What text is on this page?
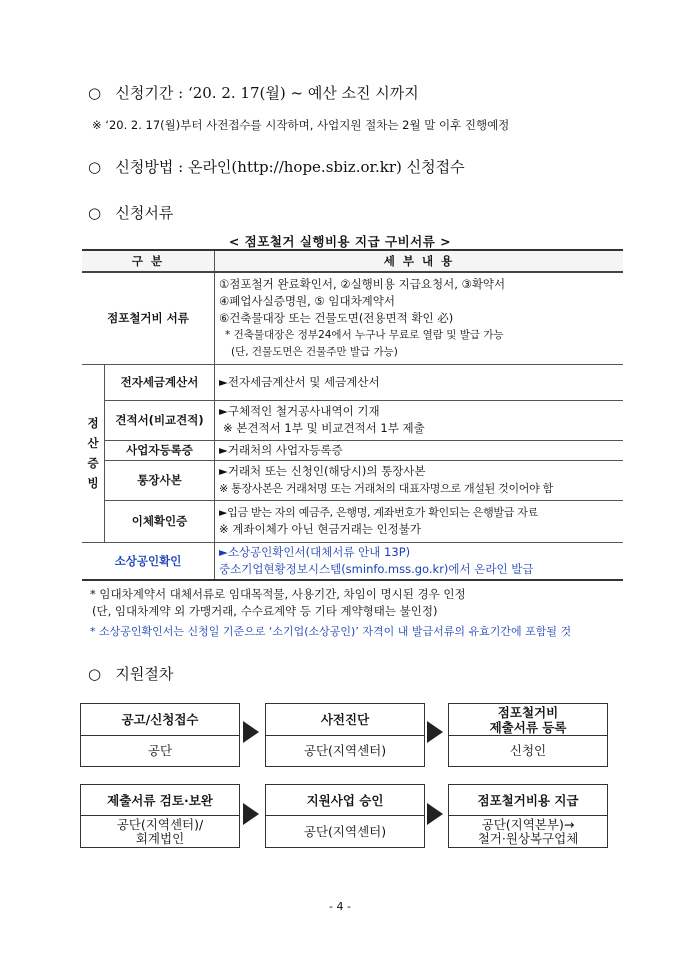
○ 신청기간 : ‘20. 2. 17(월) ~ 예산 소진 시까지
※ ‘20. 2. 17(월)부터 사전접수를 시작하며, 사업지원 절차는 2월 말 이후 진행예정
○ 신청방법 : 온라인(http://hope.sbiz.or.kr) 신청접수
○ 신청서류
< 점포철거 실행비용 지급 구비서류 >
구 분		세 부 내 용
점포철거비 서류		①점포철거 완료확인서, ②실행비용 지급요청서, ③확약서
④폐업사실증명원, ⑤ 임대차계약서
⑥건축물대장 또는 건물도면(전용면적 확인 必)
* 건축물대장은 정부24에서 누구나 무료로 열람 및 발급 가능
(단, 건물도면은 건물주만 발급 가능)

정
산
증
빙	전자세금계산서	►전자세금계산서 및 세금계산서

	견적서(비교견적)	►구체적인 철거공사내역이 기재
※ 본견적서 1부 및 비교견적서 1부 제출

	사업자등록증	►거래처의 사업자등록증

	통장사본	►거래처 또는 신청인(해당시)의 통장사본
※ 통장사본은 거래처명 또는 거래처의 대표자명으로 개설된 것이어야 함

	이체확인증	►입금 받는 자의 예금주, 은행명, 계좌번호가 확인되는 은행발급 자료
※ 계좌이체가 아닌 현금거래는 인정불가

소상공인확인		►소상공인확인서(대체서류 안내 13P)
중소기업현황정보시스템(sminfo.mss.go.kr)에서 온라인 발급
* 임대차계약서 대체서류로 임대목적물, 사용기간, 차임이 명시된 경우 인정
(단, 임대차계약 외 가맹거래, 수수료계약 등 기타 계약형태는 불인정)
* 소상공인확인서는 신청일 기준으로 ‘소기업(소상공인)’ 자격이 내 발급서류의 유효기간에 포함될 것
○ 지원절차
공고/신청접수
공단
사전진단
공단(지역센터)
점포철거비
제출서류 등록
신청인
제출서류 검토·보완
공단(지역센터)/
회계법인
지원사업 승인
공단(지역센터)
점포철거비용 지급
공단(지역본부)→
철거·원상복구업체
- 4 -
